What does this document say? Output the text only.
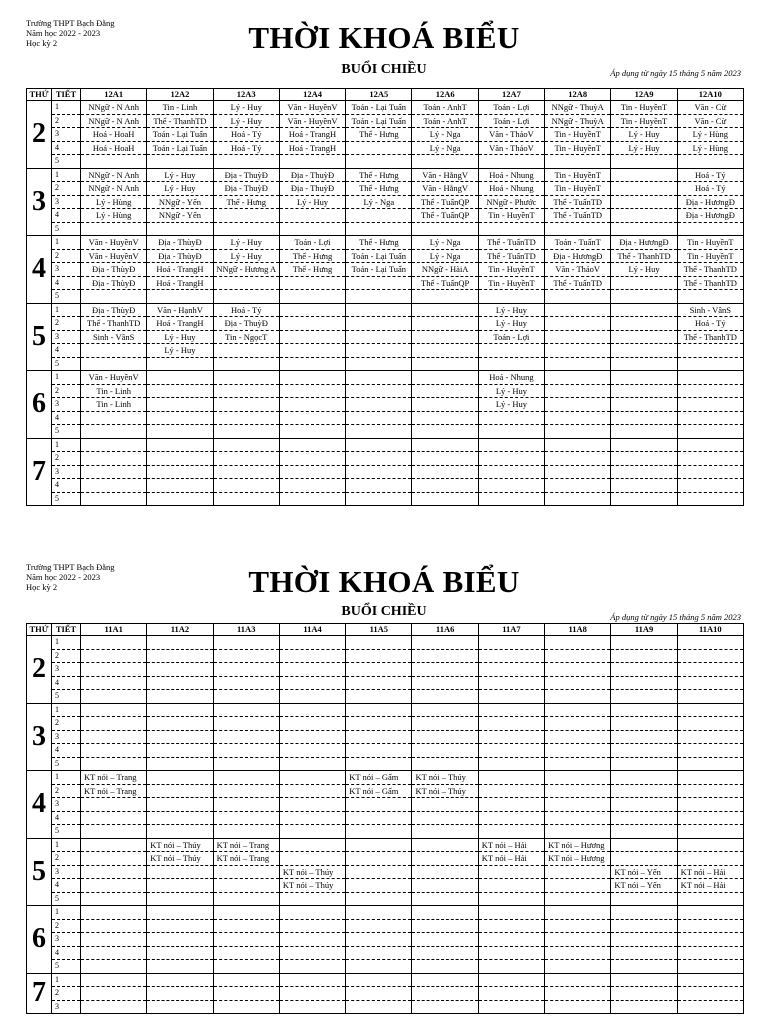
Trường THPT Bạch Đằng
Năm học 2022 - 2023
Học kỳ 2	THỜI KHOÁ BIỂU
BUỔI CHIỀU	Áp dụng từ ngày 15 tháng 5 năm 2023
THỨ	TIẾT	12A1	12A2	12A3	12A4	12A5	12A6	12A7	12A8	12A9	12A10
2	1	NNgữ - N Anh	Tin - Linh	Lý - Huy	Văn - HuyềnV	Toán - Lại Tuấn	Toán - AnhT	Toán - Lợi	NNgữ - ThuỳA	Tin - HuyềnT	Văn - Cừ
	2	NNgữ - N Anh	Thể - ThanhTD	Lý - Huy	Văn - HuyềnV	Toán - Lại Tuấn	Toán - AnhT	Toán - Lợi	NNgữ - ThuỳA	Tin - HuyềnT	Văn - Cừ
	3	Hoá - HoaH	Toán - Lại Tuấn	Hoá - Tý	Hoá - TrangH	Thể - Hưng	Lý - Nga	Văn - ThảoV	Tin - HuyềnT	Lý - Huy	Lý - Hùng
	4	Hoá - HoaH	Toán - Lại Tuấn	Hoá - Tý	Hoá - TrangH		Lý - Nga	Văn - ThảoV	Tin - HuyềnT	Lý - Huy	Lý - Hùng
	5										
3	1	NNgữ - N Anh	Lý - Huy	Địa - ThuỳĐ	Địa - ThuỳĐ	Thể - Hưng	Văn - HằngV	Hoá - Nhung	Tin - HuyềnT		Hoá - Tý
	2	NNgữ - N Anh	Lý - Huy	Địa - ThuỳĐ	Địa - ThuỳĐ	Thể - Hưng	Văn - HằngV	Hoá - Nhung	Tin - HuyềnT		Hoá - Tý
	3	Lý - Hùng	NNgữ - Yến	Thể - Hưng	Lý - Huy	Lý - Nga	Thể - TuấnQP	NNgữ - Phước	Thể - TuấnTD		Địa - HươngĐ
	4	Lý - Hùng	NNgữ - Yến				Thể - TuấnQP	Tin - HuyềnT	Thể - TuấnTD		Địa - HươngĐ
	5										
4	1	Văn - HuyềnV	Địa - ThùyĐ	Lý - Huy	Toán - Lợi	Thể - Hưng	Lý - Nga	Thể - TuấnTD	Toán - TuấnT	Địa - HươngĐ	Tin - HuyềnT
	2	Văn - HuyềnV	Địa - ThùyĐ	Lý - Huy	Thể - Hưng	Toán - Lại Tuấn	Lý - Nga	Thể - TuấnTD	Địa - HươngĐ	Thể - ThanhTD	Tin - HuyềnT
	3	Địa - ThùyĐ	Hoá - TrangH	NNgữ - Hương A	Thể - Hưng	Toán - Lại Tuấn	NNgữ - HàiA	Tin - HuyềnT	Văn - ThảoV	Lý - Huy	Thể - ThanhTD
	4	Địa - ThùyĐ	Hoá - TrangH				Thể - TuấnQP	Tin - HuyềnT	Thể - TuấnTD		Thể - ThanhTD
	5										
5	1	Địa - ThùyĐ	Văn - HạnhV	Hoá - Tý				Lý - Huy			Sinh - VânS
	2	Thể - ThanhTD	Hoá - TrangH	Địa - ThuỳĐ				Lý - Huy			Hoá - Tý
	3	Sinh - VânS	Lý - Huy	Tin - NgọcT				Toán - Lợi			Thể - ThanhTD
	4		Lý - Huy								
	5										
6	1	Văn - HuyềnV						Hoá - Nhung			
	2	Tin - Linh						Lý - Huy			
	3	Tin - Linh						Lý - Huy			
	4										
	5										
7	1										
	2										
	3										
	4										
	5										
Trường THPT Bạch Đằng
Năm học 2022 - 2023
Học kỳ 2	THỜI KHOÁ BIỂU
BUỔI CHIỀU	Áp dụng từ ngày 15 tháng 5 năm 2023
THỨ	TIẾT	11A1	11A2	11A3	11A4	11A5	11A6	11A7	11A8	11A9	11A10
2	1										
	2										
	3										
	4										
	5										
3	1										
	2										
	3										
	4										
	5										
4	1	KT nói – Trang				KT nói – Gấm	KT nói – Thúy				
	2	KT nói – Trang				KT nói – Gấm	KT nói – Thúy				
	3										
	4										
	5										
5	1		KT nói – Thúy	KT nói – Trang				KT nói – Hải	KT nói – Hương		
	2		KT nói – Thúy	KT nói – Trang				KT nói – Hải	KT nói – Hương		
	3				KT nói – Thúy					KT nói – Yến	KT nói – Hải
	4				KT nói – Thúy					KT nói – Yến	KT nói – Hải
	5										
6	1										
	2										
	3										
	4										
	5										
7	1										
	2										
	3										
